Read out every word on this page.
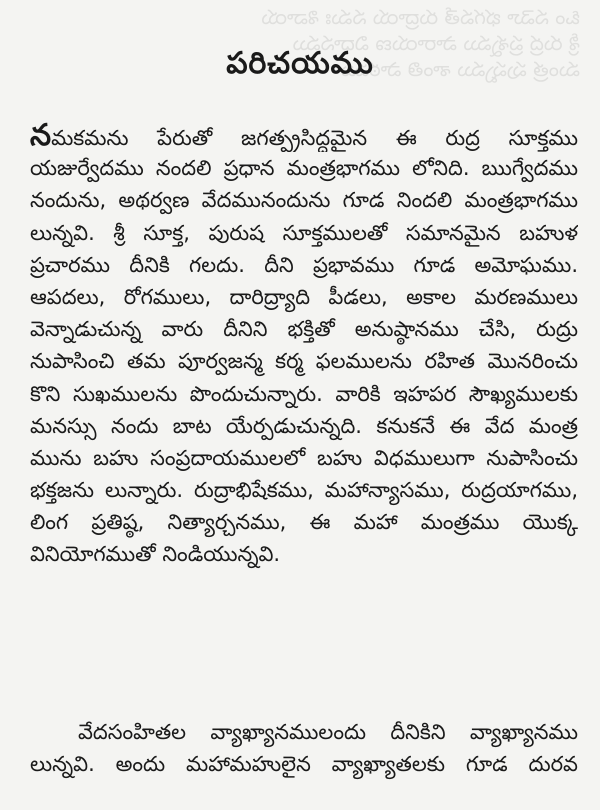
ఓం నమో భగవతే రుద్రాయ నమః శివాయ
శ్రీ రుద్ర ప్రశ్నము పారాయణ విధానము
మంత్ర పుష్పము శాంతి పాఠము
పరిచయము
నమకమను పేరుతో జగత్ప్రసిద్ధమైన ఈ రుద్ర సూక్తము
యజుర్వేదము నందలి ప్రధాన మంత్రభాగము లోనిది. ఋగ్వేదము
నందును, అథర్వణ వేదమునందును గూడ నిందలి మంత్రభాగము
లున్నవి. శ్రీ సూక్త, పురుష సూక్తములతో సమానమైన బహుళ
ప్రచారము దీనికి గలదు. దీని ప్రభావము గూడ అమోఘము.
ఆపదలు, రోగములు, దారిద్ర్యాది పీడలు, అకాల మరణములు
వెన్నాడుచున్న వారు దీనిని భక్తితో అనుష్ఠానము చేసి, రుద్రు
నుపాసించి తమ పూర్వజన్మ కర్మ ఫలములను రహిత మొనరించు
కొని సుఖములను పొందుచున్నారు. వారికి ఇహపర సౌఖ్యములకు
మనస్సు నందు బాట యేర్పడుచున్నది. కనుకనే ఈ వేద మంత్ర
మును బహు సంప్రదాయములలో బహు విధములుగా నుపాసించు
భక్తజను లున్నారు. రుద్రాభిషేకము, మహాన్యాసము, రుద్రయాగము,
లింగ ప్రతిష్ఠ, నిత్యార్చనము, ఈ మహా మంత్రము యొక్క
వినియోగముతో నిండియున్నవి.
వేదసంహితల వ్యాఖ్యానములందు దీనికిని వ్యాఖ్యానము
లున్నవి. అందు మహామహులైన వ్యాఖ్యాతలకు గూడ దురవ
